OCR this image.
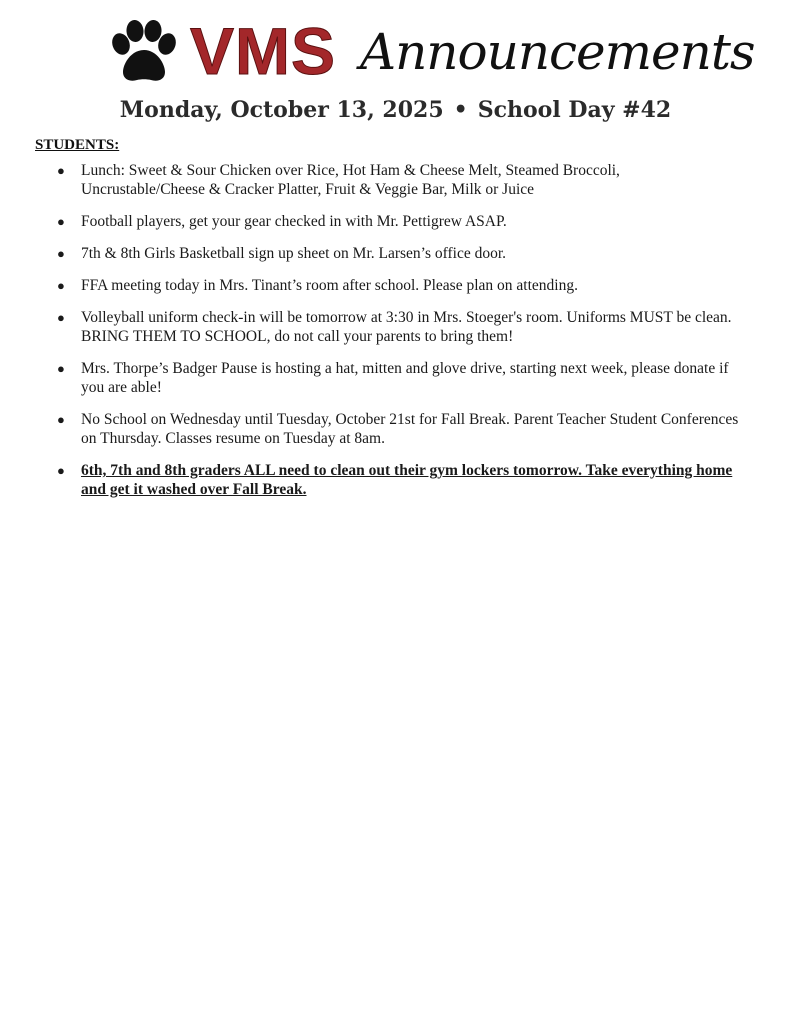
VMS Announcements
Monday, October 13, 2025 • School Day #42
STUDENTS:
● Lunch: Sweet & Sour Chicken over Rice, Hot Ham & Cheese Melt, Steamed Broccoli, Uncrustable/Cheese & Cracker Platter, Fruit & Veggie Bar, Milk or Juice
● Football players, get your gear checked in with Mr. Pettigrew ASAP.
● 7th & 8th Girls Basketball sign up sheet on Mr. Larsen’s office door.
● FFA meeting today in Mrs. Tinant’s room after school. Please plan on attending.
● Volleyball uniform check-in will be tomorrow at 3:30 in Mrs. Stoeger's room. Uniforms MUST be clean. BRING THEM TO SCHOOL, do not call your parents to bring them!
● Mrs. Thorpe’s Badger Pause is hosting a hat, mitten and glove drive, starting next week, please donate if you are able!
● No School on Wednesday until Tuesday, October 21st for Fall Break. Parent Teacher Student Conferences on Thursday. Classes resume on Tuesday at 8am.
● 6th, 7th and 8th graders ALL need to clean out their gym lockers tomorrow. Take everything home and get it washed over Fall Break.
